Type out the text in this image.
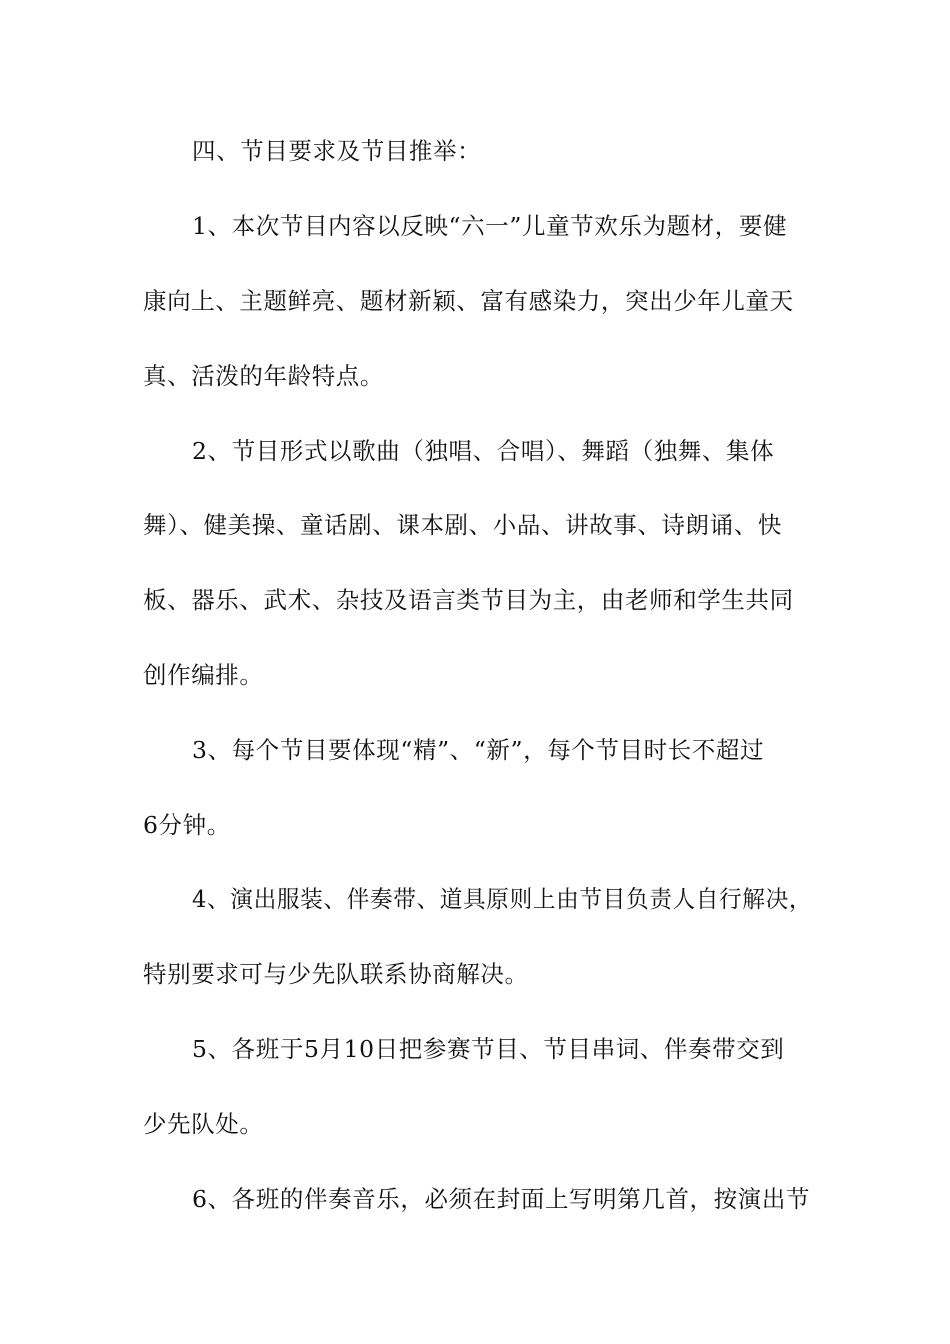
四、节目要求及节目推举：
1、本次节目内容以反映“六一”儿童节欢乐为题材，要健
康向上、主题鲜亮、题材新颖、富有感染力，突出少年儿童天
真、活泼的年龄特点。
2、节目形式以歌曲（独唱、合唱）、舞蹈（独舞、集体
舞）、健美操、童话剧、课本剧、小品、讲故事、诗朗诵、快
板、器乐、武术、杂技及语言类节目为主，由老师和学生共同
创作编排。
3、每个节目要体现“精”、“新”，每个节目时长不超过
6分钟。
4、演出服装、伴奏带、道具原则上由节目负责人自行解决，
特别要求可与少先队联系协商解决。
5、各班于5月10日把参赛节目、节目串词、伴奏带交到
少先队处。
6、各班的伴奏音乐，必须在封面上写明第几首，按演出节
